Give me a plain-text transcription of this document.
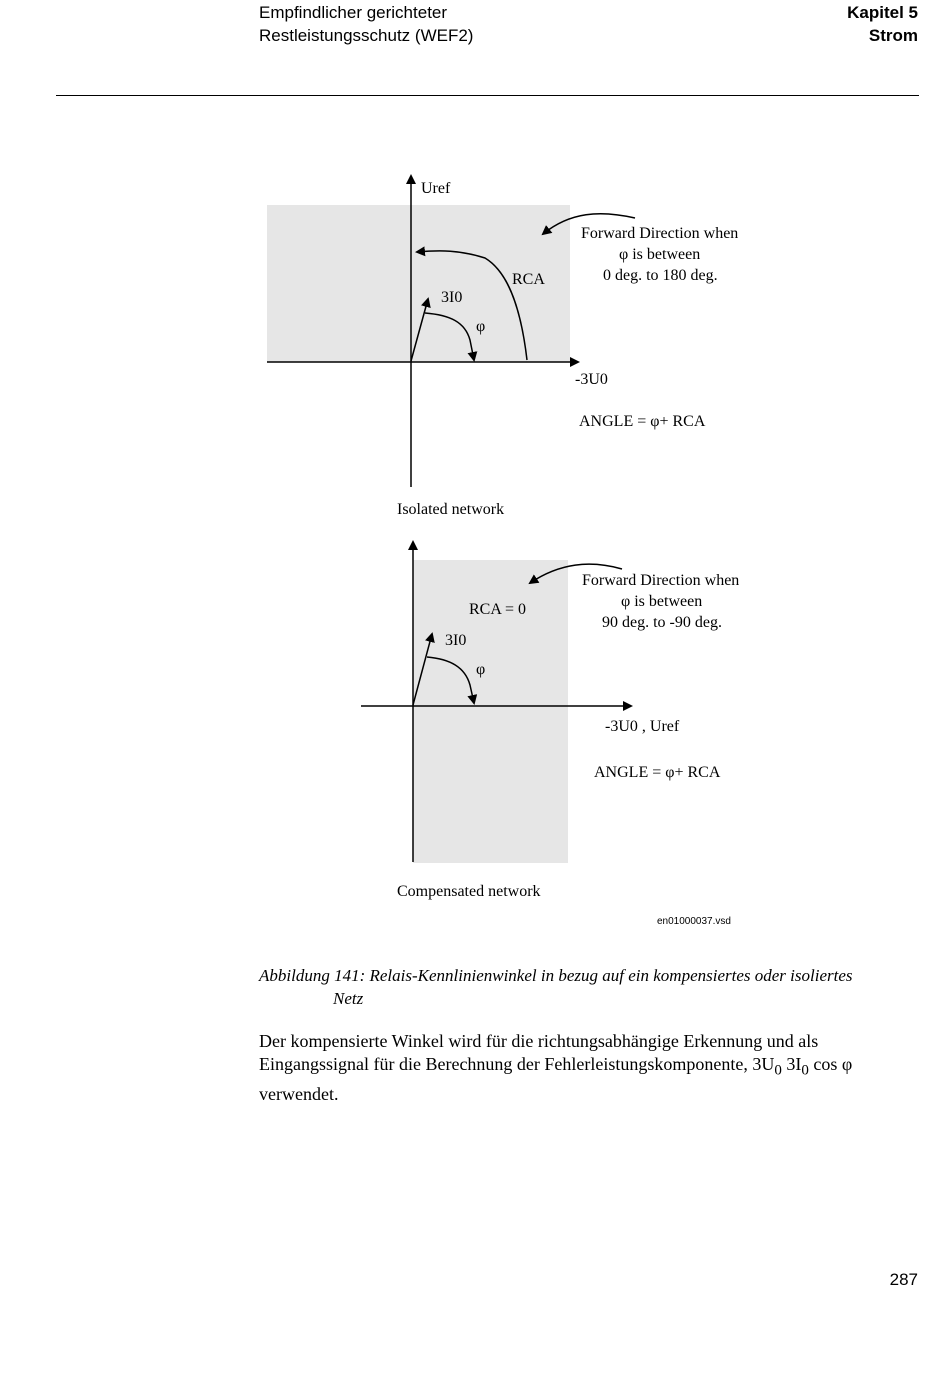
Empfindlicher gerichteter
Restleistungsschutz (WEF2)
Kapitel 5
Strom
Uref
RCA
3I0
φ
Forward Direction when
φ is between
0 deg. to 180 deg.
-3U0
ANGLE = φ+ RCA
Isolated network
RCA = 0
3I0
φ
Forward Direction when
φ is between
90 deg. to -90 deg.
-3U0 , Uref
ANGLE = φ+ RCA
Compensated network
en01000037.vsd
Abbildung 141: Relais-Kennlinienwinkel in bezug auf ein kompensiertes oder isoliertes
Netz
Der kompensierte Winkel wird für die richtungsabhängige Erkennung und als Eingangssignal für die Berechnung der Fehlerleistungskomponente, $3U_0$ $3I_0$ cos φ verwendet.
287
